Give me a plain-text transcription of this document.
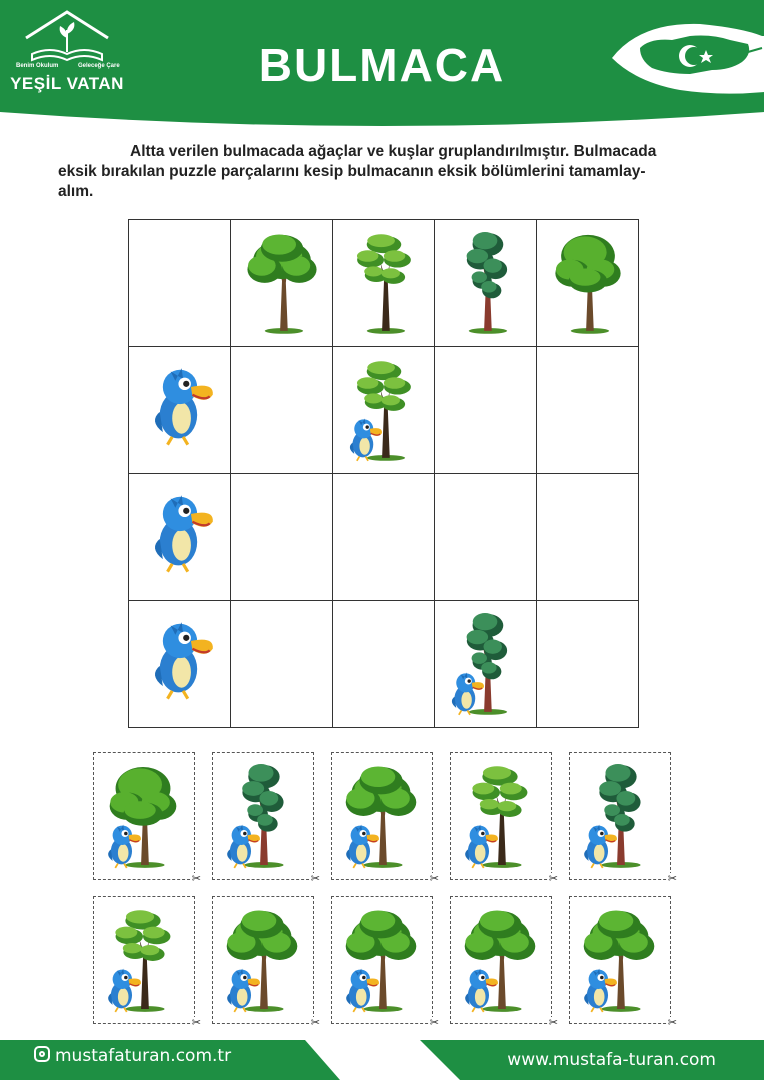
Benim Okulum	Geleceğe Çare
YEŞİL VATAN	BULMACA
Altta verilen bulmacada ağaçlar ve kuşlar gruplandırılmıştır. Bulmacada
eksik bırakılan puzzle parçalarını kesip bulmacanın eksik bölümlerini tamamlay-
alım.

✂	✂	✂	✂	✂
✂	✂	✂	✂	✂
mustafaturan.com.tr	www.mustafa-turan.com
